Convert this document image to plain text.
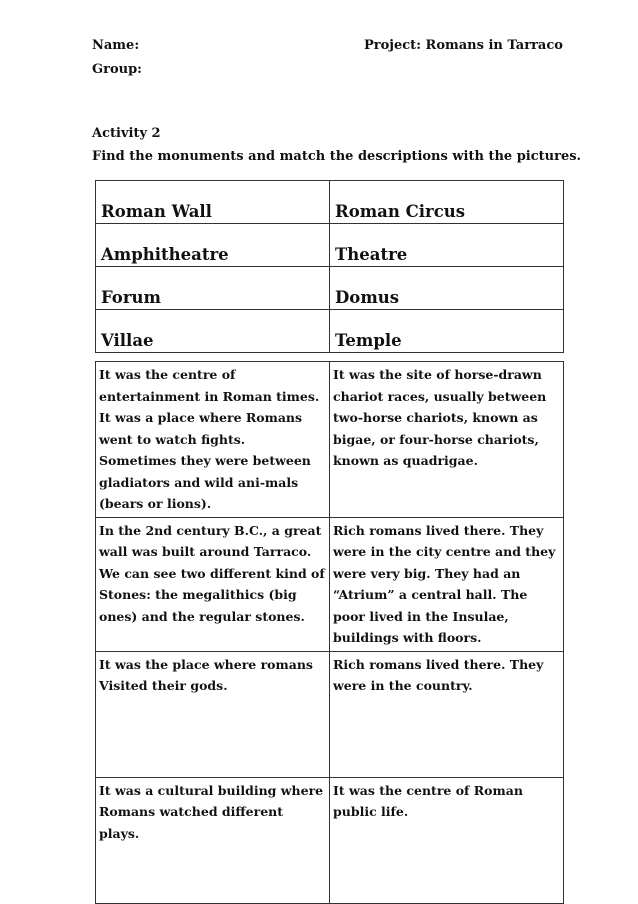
Name:	Project: Romans in Tarraco
Group:
Activity 2
Find the monuments and match the descriptions with the pictures.
Roman Wall	Roman Circus
Amphitheatre	Theatre
Forum	Domus
Villae	Temple
It was the centre of entertainment in Roman times. It was a place where Romans went to watch fights. Sometimes they were between gladiators and wild ani-mals (bears or lions).	It was the site of horse-drawn chariot races, usually between two-horse chariots, known as bigae, or four-horse chariots, known as quadrigae.
In the 2nd century B.C., a great wall was built around Tarraco. We can see two different kind of Stones: the megalithics (big ones) and the regular stones.	Rich romans lived there. They were in the city centre and they were very big. They had an “Atrium” a central hall. The poor lived in the Insulae, buildings with floors.
It was the place where romans Visited their gods.	Rich romans lived there. They were in the country.
It was a cultural building where Romans watched different plays.	It was the centre of Roman public life.
